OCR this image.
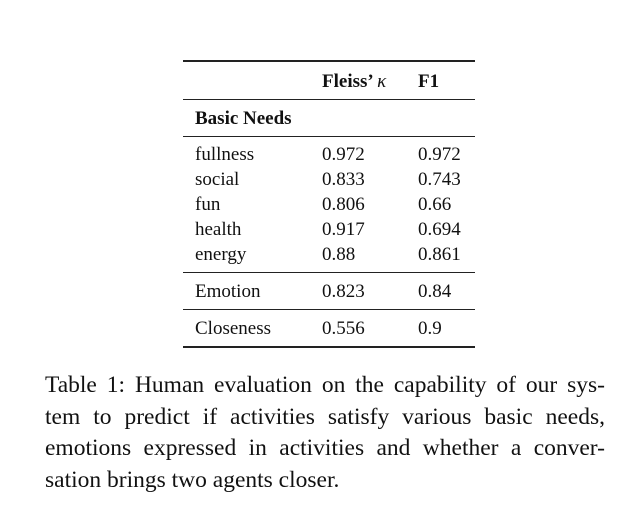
	Fleiss’ κ	F1
Basic Needs		
fullness	0.972	0.972
social	0.833	0.743
fun	0.806	0.66
health	0.917	0.694
energy	0.88	0.861
Emotion	0.823	0.84
Closeness	0.556	0.9
Table 1: Human evaluation on the capability of our sys-
tem to predict if activities satisfy various basic needs,
emotions expressed in activities and whether a conver-
sation brings two agents closer.
